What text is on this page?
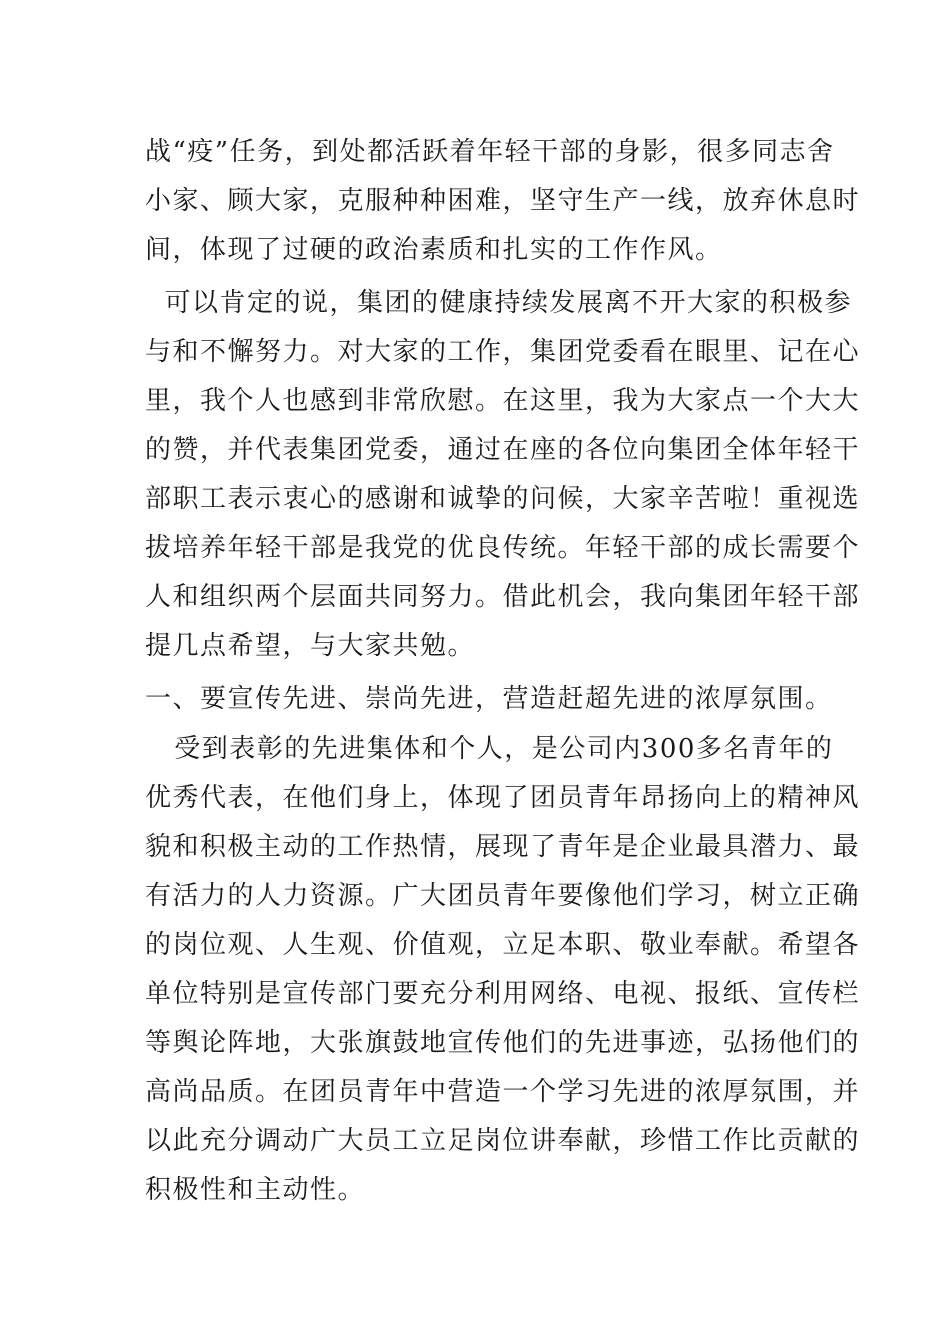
战“疫”任务，到处都活跃着年轻干部的身影，很多同志舍
小家、顾大家，克服种种困难，坚守生产一线，放弃休息时
间，体现了过硬的政治素质和扎实的工作作风。
可以肯定的说，集团的健康持续发展离不开大家的积极参
与和不懈努力。对大家的工作，集团党委看在眼里、记在心
里，我个人也感到非常欣慰。在这里，我为大家点一个大大
的赞，并代表集团党委，通过在座的各位向集团全体年轻干
部职工表示衷心的感谢和诚挚的问候，大家辛苦啦！重视选
拔培养年轻干部是我党的优良传统。年轻干部的成长需要个
人和组织两个层面共同努力。借此机会，我向集团年轻干部
提几点希望，与大家共勉。
一、要宣传先进、崇尚先进，营造赶超先进的浓厚氛围。
受到表彰的先进集体和个人，是公司内300多名青年的
优秀代表，在他们身上，体现了团员青年昂扬向上的精神风
貌和积极主动的工作热情，展现了青年是企业最具潜力、最
有活力的人力资源。广大团员青年要像他们学习，树立正确
的岗位观、人生观、价值观，立足本职、敬业奉献。希望各
单位特别是宣传部门要充分利用网络、电视、报纸、宣传栏
等舆论阵地，大张旗鼓地宣传他们的先进事迹，弘扬他们的
高尚品质。在团员青年中营造一个学习先进的浓厚氛围，并
以此充分调动广大员工立足岗位讲奉献，珍惜工作比贡献的
积极性和主动性。
